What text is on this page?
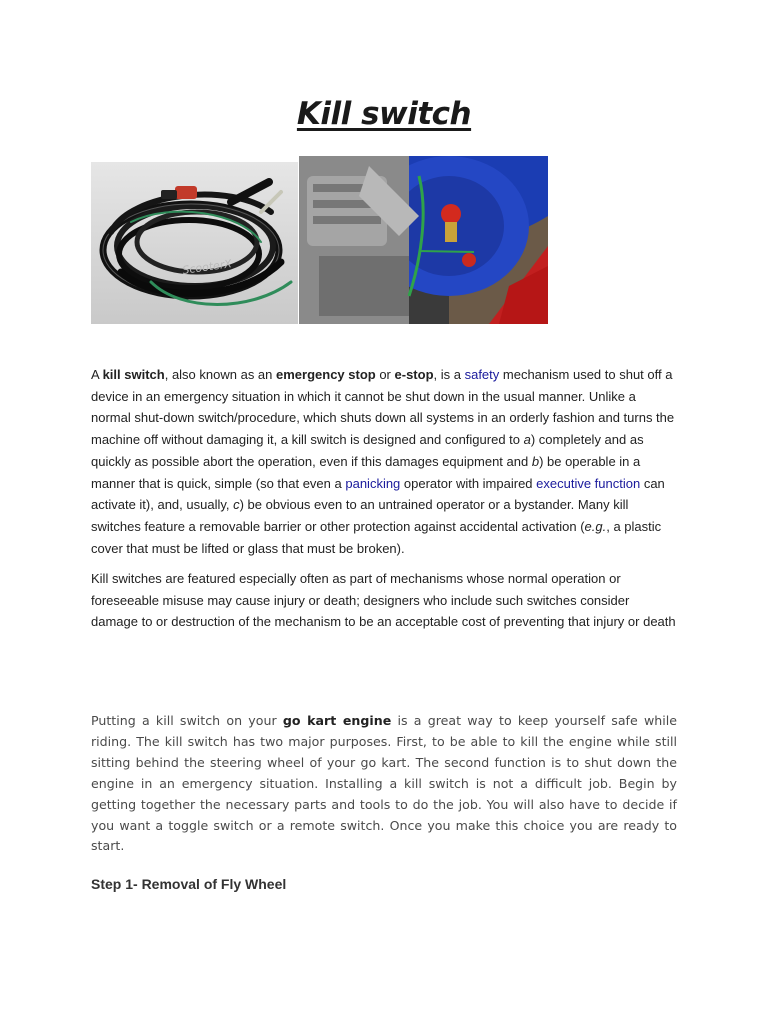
Kill switch
ScooterX

A kill switch, also known as an emergency stop or e-stop, is a safety mechanism used to shut off a device in an emergency situation in which it cannot be shut down in the usual manner. Unlike a normal shut-down switch/procedure, which shuts down all systems in an orderly fashion and turns the machine off without damaging it, a kill switch is designed and configured to a) completely and as quickly as possible abort the operation, even if this damages equipment and b) be operable in a manner that is quick, simple (so that even a panicking operator with impaired executive function can activate it), and, usually, c) be obvious even to an untrained operator or a bystander. Many kill switches feature a removable barrier or other protection against accidental activation (e.g., a plastic cover that must be lifted or glass that must be broken).

Kill switches are featured especially often as part of mechanisms whose normal operation or foreseeable misuse may cause injury or death; designers who include such switches consider damage to or destruction of the mechanism to be an acceptable cost of preventing that injury or death

Putting a kill switch on your go kart engine is a great way to keep yourself safe while riding. The kill switch has two major purposes. First, to be able to kill the engine while still sitting behind the steering wheel of your go kart. The second function is to shut down the engine in an emergency situation. Installing a kill switch is not a difficult job. Begin by getting together the necessary parts and tools to do the job. You will also have to decide if you want a toggle switch or a remote switch. Once you make this choice you are ready to start.

Step 1- Removal of Fly Wheel
